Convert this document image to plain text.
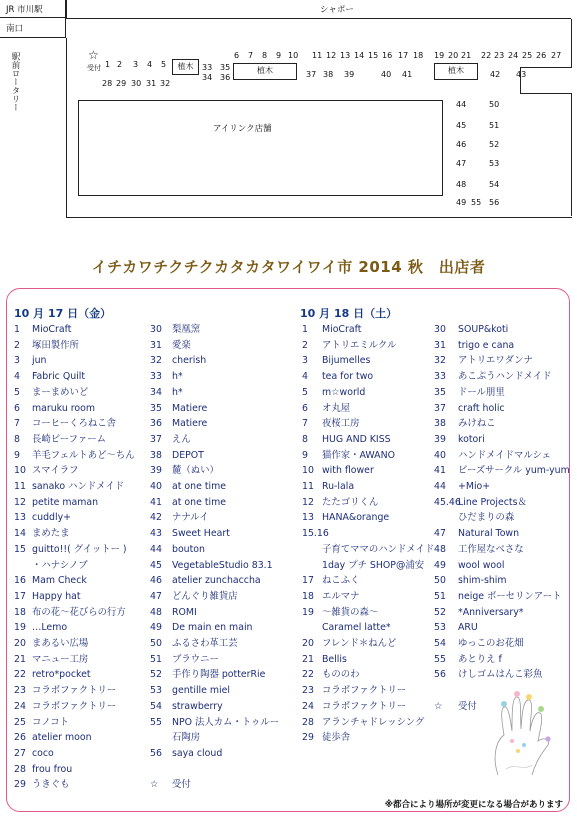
JR 市川駅
南口
シャポー
駅前ロータリー	☆
受付 1 2 3 4 5	植木	33
34
35
36
6 7 8 9 10
植木
11 12 13 14 15 16 17 18 19 20 21 22 23 24 25 26 27
植木
28 29 30 31 32
37 38 39	40 41	42 43
アイリンク店舗
44
45
46
47
48
49
50
51
52
53
54
55 56
イチカワチクチクカタカタワイワイ市 2014 秋　出店者
10 月 17 日（金）	10 月 18 日（土）
1	MioCraft
2	塚田製作所
3	jun
4	Fabric Quilt
5	まーまめいど
6	maruku room
7	コーヒーくろねこ舎
8	長崎ビーファーム
9	羊毛フェルトあど～ちん
10 スマイラフ
11 sanako ハンドメイド
12 petite maman
13 cuddly+
14 まめたま
15 guitto!!( グイットー )
・ハナシノブ
16 Mam Check
17 Happy hat
18 布の花～花びらの行方
19 …Lemo
20 まあるい広場
21 マニュー工房
22 retro*pocket
23 コラボファクトリー
24 コラボファクトリー
25 コノコト
26 atelier moon
27 coco
28 frou frou
29 うきぐも
30	梨凰窯
31	愛楽
32	cherish
33	h*
34	h*
35	Matiere
36	Matiere
37	えん
38	DEPOT
39	麓（ぬい）
40	at one time
41	at one time
42	ナナルイ
43	Sweet Heart
44	bouton
45	VegetableStudio 83.1
46	atelier zunchaccha
47	どんぐり雑貨店
48	ROMI
49	De main en main
50	ふるさわ革工芸
51	ブラウニー
52	手作り陶器 potterRie
53	gentille miel
54	strawberry
55	NPO 法人カム・トゥルー
石陶房
56	saya cloud
☆	受付
1	MioCraft
2	アトリエミルクル
3	Bijumelles
4	tea for two
5	m☆world
6	オ丸屋
7	夜桜工房
8	HUG AND KISS
9	猫作家・AWANO
10 with flower
11 Ru-lala
12 たたゴリくん
13 HANA&orange
15.16
子育てママのハンドメイド
1day プチ SHOP@浦安
17 ねこふく
18 エルマナ
19 ～雑貨の森～
Caramel latte*
20 フレンド＊ねんど
21 Bellis
22 もののわ
23 コラボファクトリー
24 コラボファクトリー
28 アランチャドレッシング
29 徒歩舎
30	SOUP&koti
31	trigo e cana
32	アトリエワダンナ
33	あこぷうハンドメイド
35	ドール朋里
37	craft holic
38	みけねこ
39	kotori
40	ハンドメイドマルシェ
41	ビーズサークル yum-yum
44	+Mio+
45.46
Line Projects＆
ひだまりの森
47	Natural Town
48	工作屋なべさな
49	wool wool
50	shim-shim
51	neige ボーセリンアート
52	*Anniversary*
53	ARU
54	ゆっこのお花畑
55	あとりえ f
56	けしゴムはんこ彩魚
☆	受付
※都合により場所が変更になる場合があります
